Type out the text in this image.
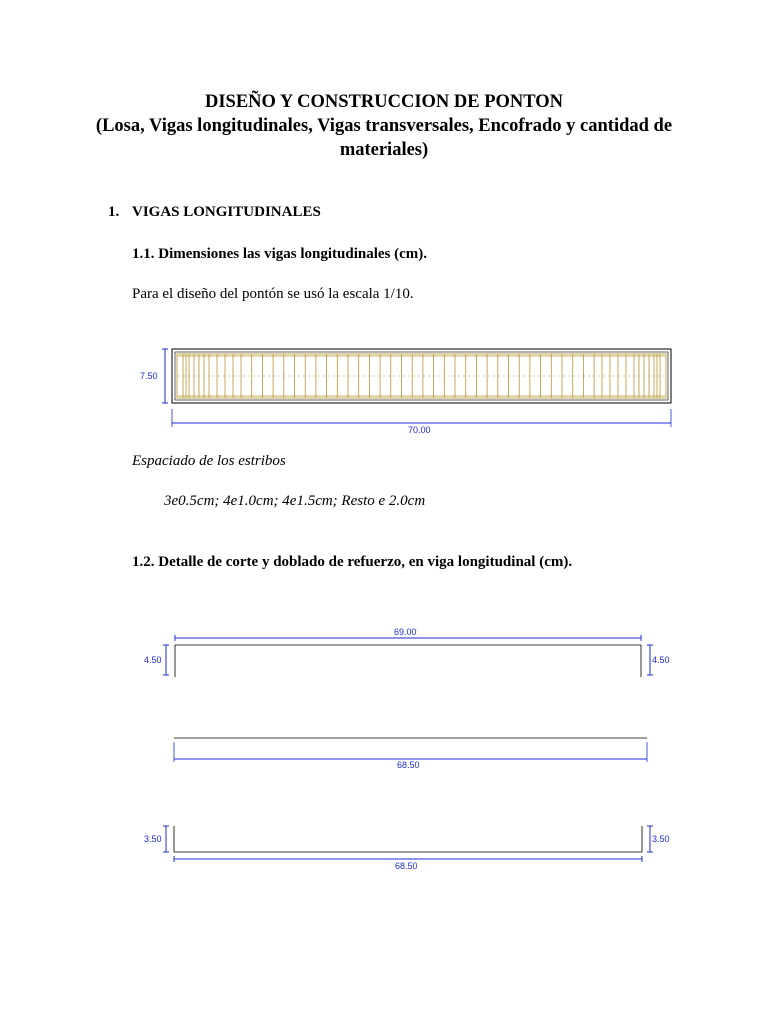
DISEÑO Y CONSTRUCCION DE PONTON
(Losa, Vigas longitudinales, Vigas transversales, Encofrado y cantidad de
materiales)
1. VIGAS LONGITUDINALES
1.1. Dimensiones las vigas longitudinales (cm).

Para el diseño del pontón se usó la escala 1/10.

7.50
70.00

Espaciado de los estribos

3e0.5cm; 4e1.0cm; 4e1.5cm; Resto e 2.0cm

1.2. Detalle de corte y doblado de refuerzo, en viga longitudinal (cm).
69.00
4.50	4.50
68.50
3.50	3.50
68.50
